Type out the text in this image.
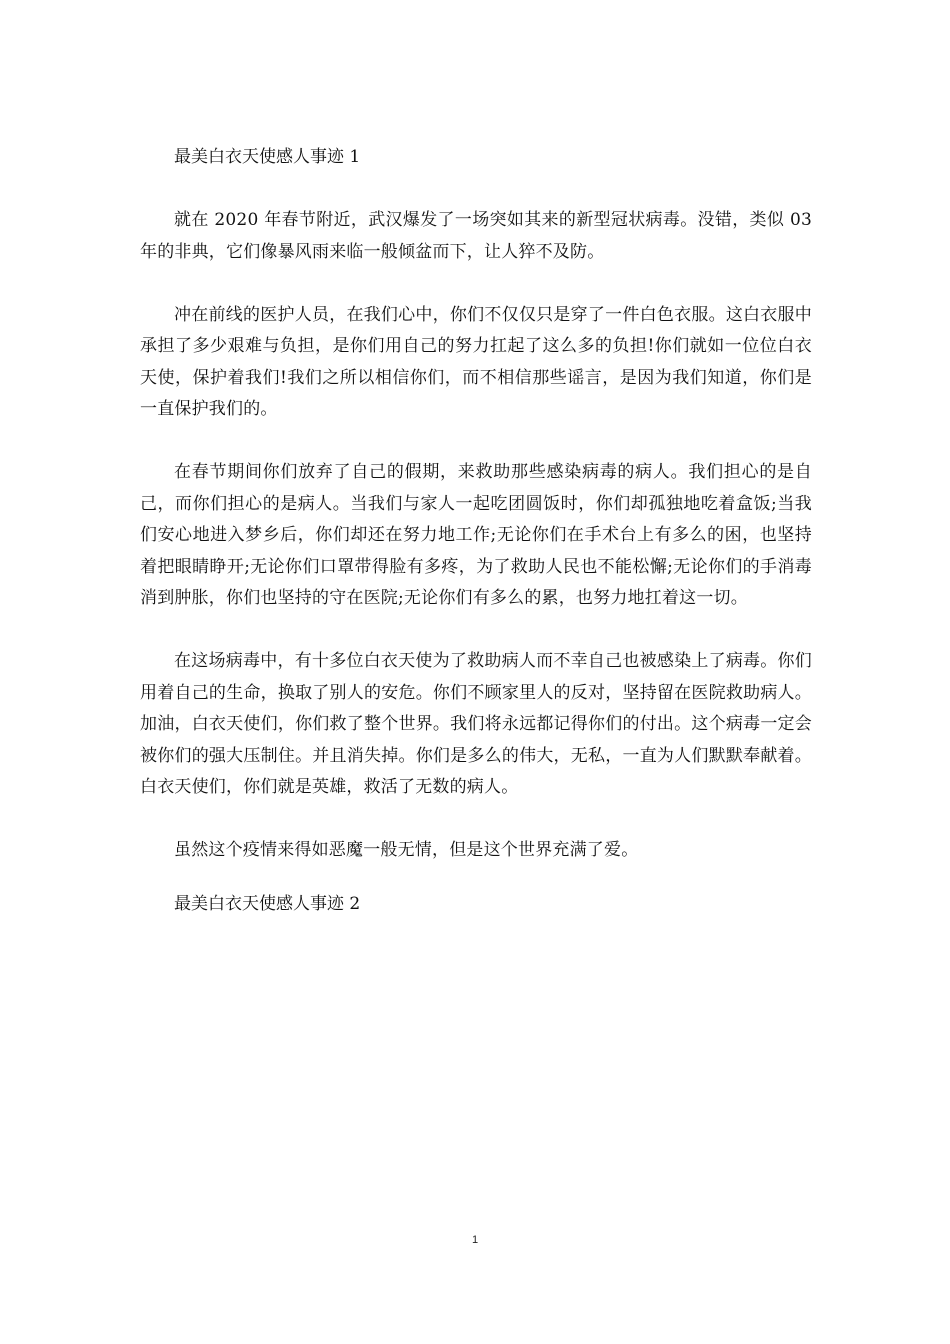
最美白衣天使感人事迹 1

就在 2020 年春节附近，武汉爆发了一场突如其来的新型冠状病毒。没错，类似 03 年的非典，它们像暴风雨来临一般倾盆而下，让人猝不及防。

冲在前线的医护人员，在我们心中，你们不仅仅只是穿了一件白色衣服。这白衣服中承担了多少艰难与负担，是你们用自己的努力扛起了这么多的负担!你们就如一位位白衣天使，保护着我们!我们之所以相信你们，而不相信那些谣言，是因为我们知道，你们是一直保护我们的。

在春节期间你们放弃了自己的假期，来救助那些感染病毒的病人。我们担心的是自己，而你们担心的是病人。当我们与家人一起吃团圆饭时，你们却孤独地吃着盒饭;当我们安心地进入梦乡后，你们却还在努力地工作;无论你们在手术台上有多么的困，也坚持着把眼睛睁开;无论你们口罩带得脸有多疼，为了救助人民也不能松懈;无论你们的手消毒消到肿胀，你们也坚持的守在医院;无论你们有多么的累，也努力地扛着这一切。

在这场病毒中，有十多位白衣天使为了救助病人而不幸自己也被感染上了病毒。你们用着自己的生命，换取了别人的安危。你们不顾家里人的反对，坚持留在医院救助病人。加油，白衣天使们，你们救了整个世界。我们将永远都记得你们的付出。这个病毒一定会被你们的强大压制住。并且消失掉。你们是多么的伟大，无私，一直为人们默默奉献着。白衣天使们，你们就是英雄，救活了无数的病人。

虽然这个疫情来得如恶魔一般无情，但是这个世界充满了爱。

最美白衣天使感人事迹 2

1
